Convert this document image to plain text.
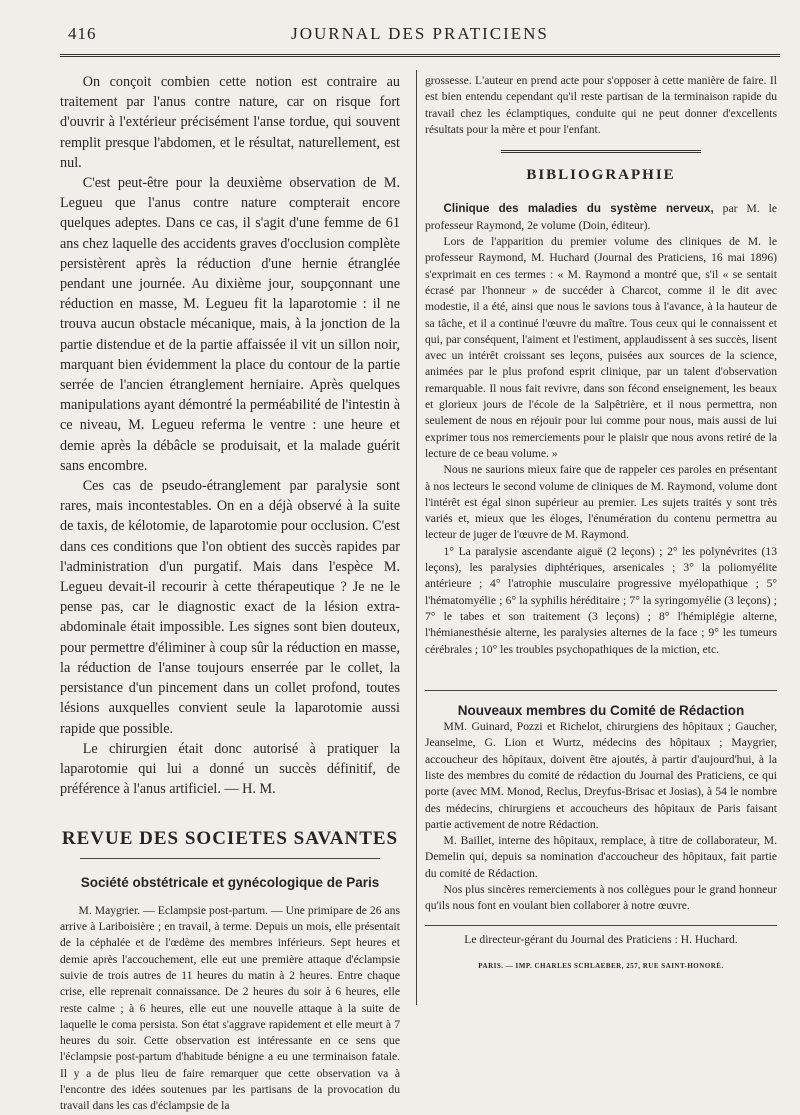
416	JOURNAL DES PRATICIENS

On conçoit combien cette notion est contraire au traitement par l'anus contre nature, car on risque fort d'ouvrir à l'extérieur précisément l'anse tordue, qui souvent remplit presque l'abdomen, et le résultat, naturellement, est nul.

C'est peut-être pour la deuxième observation de M. Legueu que l'anus contre nature compterait encore quelques adeptes. Dans ce cas, il s'agit d'une femme de 61 ans chez laquelle des accidents graves d'occlusion complète persistèrent après la réduction d'une hernie étranglée pendant une journée. Au dixième jour, soupçonnant une réduction en masse, M. Legueu fit la laparotomie : il ne trouva aucun obstacle mécanique, mais, à la jonction de la partie distendue et de la partie affaissée il vit un sillon noir, marquant bien évidemment la place du contour de la partie serrée de l'ancien étranglement herniaire. Après quelques manipulations ayant démontré la perméabilité de l'intestin à ce niveau, M. Legueu referma le ventre : une heure et demie après la débâcle se produisait, et la malade guérit sans encombre.

Ces cas de pseudo-étranglement par paralysie sont rares, mais incontestables. On en a déjà observé à la suite de taxis, de kélotomie, de laparotomie pour occlusion. C'est dans ces conditions que l'on obtient des succès rapides par l'administration d'un purgatif. Mais dans l'espèce M. Legueu devait-il recourir à cette thérapeutique ? Je ne le pense pas, car le diagnostic exact de la lésion extra-abdominale était impossible. Les signes sont bien douteux, pour permettre d'éliminer à coup sûr la réduction en masse, la réduction de l'anse toujours enserrée par le collet, la persistance d'un pincement dans un collet profond, toutes lésions auxquelles convient seule la laparotomie aussi rapide que possible.

Le chirurgien était donc autorisé à pratiquer la laparotomie qui lui a donné un succès définitif, de préférence à l'anus artificiel. — H. M.

REVUE DES SOCIETES SAVANTES
Société obstétricale et gynécologique de Paris

M. Maygrier. — Eclampsie post-partum. — Une primipare de 26 ans arrive à Lariboisière ; en travail, à terme. Depuis un mois, elle présentait de la céphalée et de l'œdème des membres inférieurs. Sept heures et demie après l'accouchement, elle eut une première attaque d'éclampsie suivie de trois autres de 11 heures du matin à 2 heures. Entre chaque crise, elle reprenait connaissance. De 2 heures du soir à 6 heures, elle reste calme ; à 6 heures, elle eut une nouvelle attaque à la suite de laquelle le coma persista. Son état s'aggrave rapidement et elle meurt à 7 heures du soir. Cette observation est intéressante en ce sens que l'éclampsie post-partum d'habitude bénigne a eu une terminaison fatale. Il y a de plus lieu de faire remarquer que cette observation va à l'encontre des idées soutenues par les partisans de la provocation du travail dans les cas d'éclampsie de la

grossesse. L'auteur en prend acte pour s'opposer à cette manière de faire. Il est bien entendu cependant qu'il reste partisan de la terminaison rapide du travail chez les éclamptiques, conduite qui ne peut donner d'excellents résultats pour la mère et pour l'enfant.

BIBLIOGRAPHIE

Clinique des maladies du système nerveux, par M. le professeur Raymond, 2e volume (Doin, éditeur).

Lors de l'apparition du premier volume des cliniques de M. le professeur Raymond, M. Huchard (Journal des Praticiens, 16 mai 1896) s'exprimait en ces termes : « M. Raymond a montré que, s'il « se sentait écrasé par l'honneur » de succéder à Charcot, comme il le dit avec modestie, il a été, ainsi que nous le savions tous à l'avance, à la hauteur de sa tâche, et il a continué l'œuvre du maître. Tous ceux qui le connaissent et qui, par conséquent, l'aiment et l'estiment, applaudissent à ses succès, lisent avec un intérêt croissant ses leçons, puisées aux sources de la science, animées par le plus profond esprit clinique, par un talent d'observation remarquable. Il nous fait revivre, dans son fécond enseignement, les beaux et glorieux jours de l'école de la Salpêtrière, et il nous permettra, non seulement de nous en réjouir pour lui comme pour nous, mais aussi de lui exprimer tous nos remerciements pour le plaisir que nous avons retiré de la lecture de ce beau volume. »

Nous ne saurions mieux faire que de rappeler ces paroles en présentant à nos lecteurs le second volume de cliniques de M. Raymond, volume dont l'intérêt est égal sinon supérieur au premier. Les sujets traités y sont très variés et, mieux que les éloges, l'énumération du contenu permettra au lecteur de juger de l'œuvre de M. Raymond.

1° La paralysie ascendante aiguë (2 leçons) ; 2° les polynévrites (13 leçons), les paralysies diphtériques, arsenicales ; 3° la poliomyélite antérieure ; 4° l'atrophie musculaire progressive myélopathique ; 5° l'hématomyélie ; 6° la syphilis héréditaire ; 7° la syringomyélie (3 leçons) ; 7° le tabes et son traitement (3 leçons) ; 8° l'hémiplégie alterne, l'hémianesthésie alterne, les paralysies alternes de la face ; 9° les tumeurs cérébrales ; 10° les troubles psychopathiques de la miction, etc.

Nouveaux membres du Comité de Rédaction

MM. Guinard, Pozzi et Richelot, chirurgiens des hôpitaux ; Gaucher, Jeanselme, G. Lion et Wurtz, médecins des hôpitaux ; Maygrier, accoucheur des hôpitaux, doivent être ajoutés, à partir d'aujourd'hui, à la liste des membres du comité de rédaction du Journal des Praticiens, ce qui porte (avec MM. Monod, Reclus, Dreyfus-Brisac et Josias), à 54 le nombre des médecins, chirurgiens et accoucheurs des hôpitaux de Paris faisant partie activement de notre Rédaction.

M. Baillet, interne des hôpitaux, remplace, à titre de collaborateur, M. Demelin qui, depuis sa nomination d'accoucheur des hôpitaux, fait partie du comité de Rédaction.

Nos plus sincères remerciements à nos collègues pour le grand honneur qu'ils nous font en voulant bien collaborer à notre œuvre.

Le directeur-gérant du Journal des Praticiens : H. Huchard.
PARIS. — IMP. CHARLES SCHLAEBER, 257, RUE SAINT-HONORÉ.
